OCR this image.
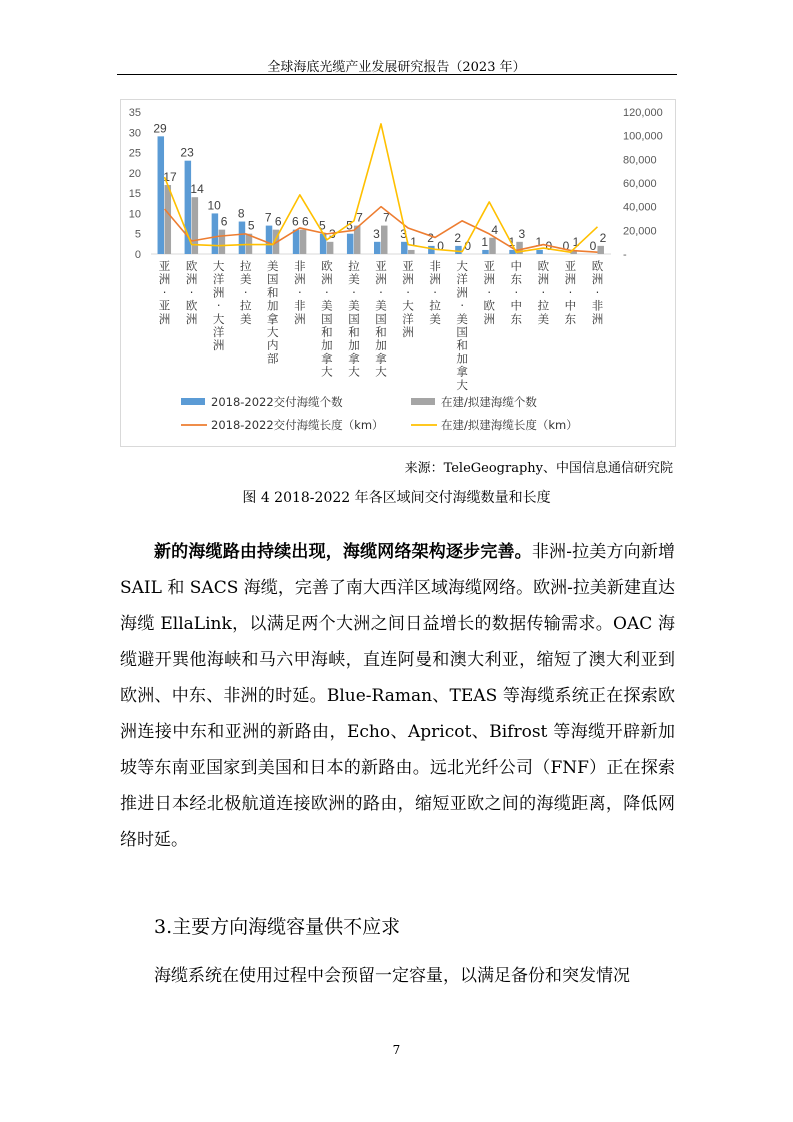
全球海底光缆产业发展研究报告（2023 年）
0
5
10
15
20
25
30
35
-
20,000
40,000
60,000
80,000
100,000
120,000
29
17
23
14
10
6
8
5
7 6 6 6 5
3
5
7
3
7
3
1 2
0
2
0 1
4
1
3
1 0 0 1 0
2
亚洲·亚洲
欧洲·欧洲
大洋洲·大洋洲
拉美·拉美
美国和加拿大内部
非洲·非洲
欧洲·美国和加拿大
拉美·美国和加拿大
亚洲·美国和加拿大
亚洲·大洋洲
非洲·拉美
大洋洲·美国和加拿大
亚洲·欧洲
中东·中东
欧洲·拉美
亚洲·中东
欧洲·非洲
2018-2022交付海缆个数	在建/拟建海缆个数
2018-2022交付海缆长度（km）	在建/拟建海缆长度（km）
来源：TeleGeography、中国信息通信研究院
图 4 2018-2022 年各区域间交付海缆数量和长度
新的海缆路由持续出现，海缆网络架构逐步完善。非洲-拉美方向新增 SAIL 和 SACS 海缆，完善了南大西洋区域海缆网络。欧洲-拉美新建直达海缆 EllaLink，以满足两个大洲之间日益增长的数据传输需求。OAC 海缆避开巽他海峡和马六甲海峡，直连阿曼和澳大利亚，缩短了澳大利亚到欧洲、中东、非洲的时延。Blue-Raman、TEAS 等海缆系统正在探索欧洲连接中东和亚洲的新路由，Echo、Apricot、Bifrost 等海缆开辟新加坡等东南亚国家到美国和日本的新路由。远北光纤公司（FNF）正在探索推进日本经北极航道连接欧洲的路由，缩短亚欧之间的海缆距离，降低网络时延。
3.主要方向海缆容量供不应求
海缆系统在使用过程中会预留一定容量，以满足备份和突发情况
7
